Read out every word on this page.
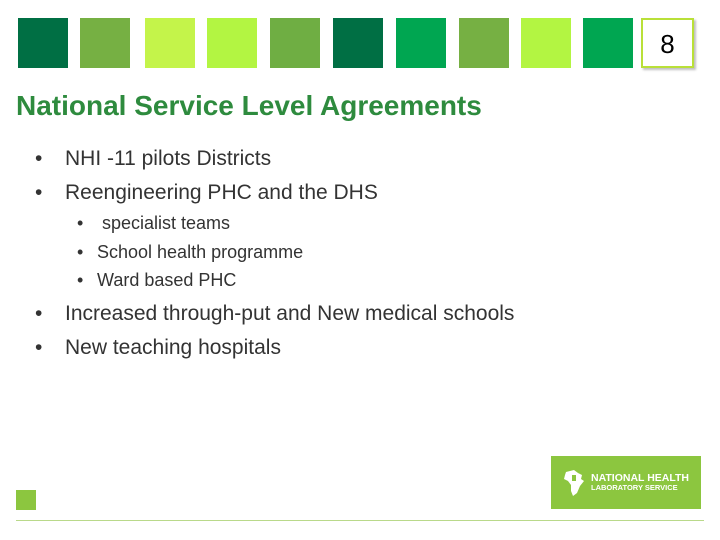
8
National Service Level Agreements
• NHI -11 pilots Districts
• Reengineering PHC and the DHS
• specialist teams
• School health programme
• Ward based PHC
• Increased through-put and New medical schools
• New teaching hospitals
NATIONAL HEALTH
LABORATORY SERVICE
